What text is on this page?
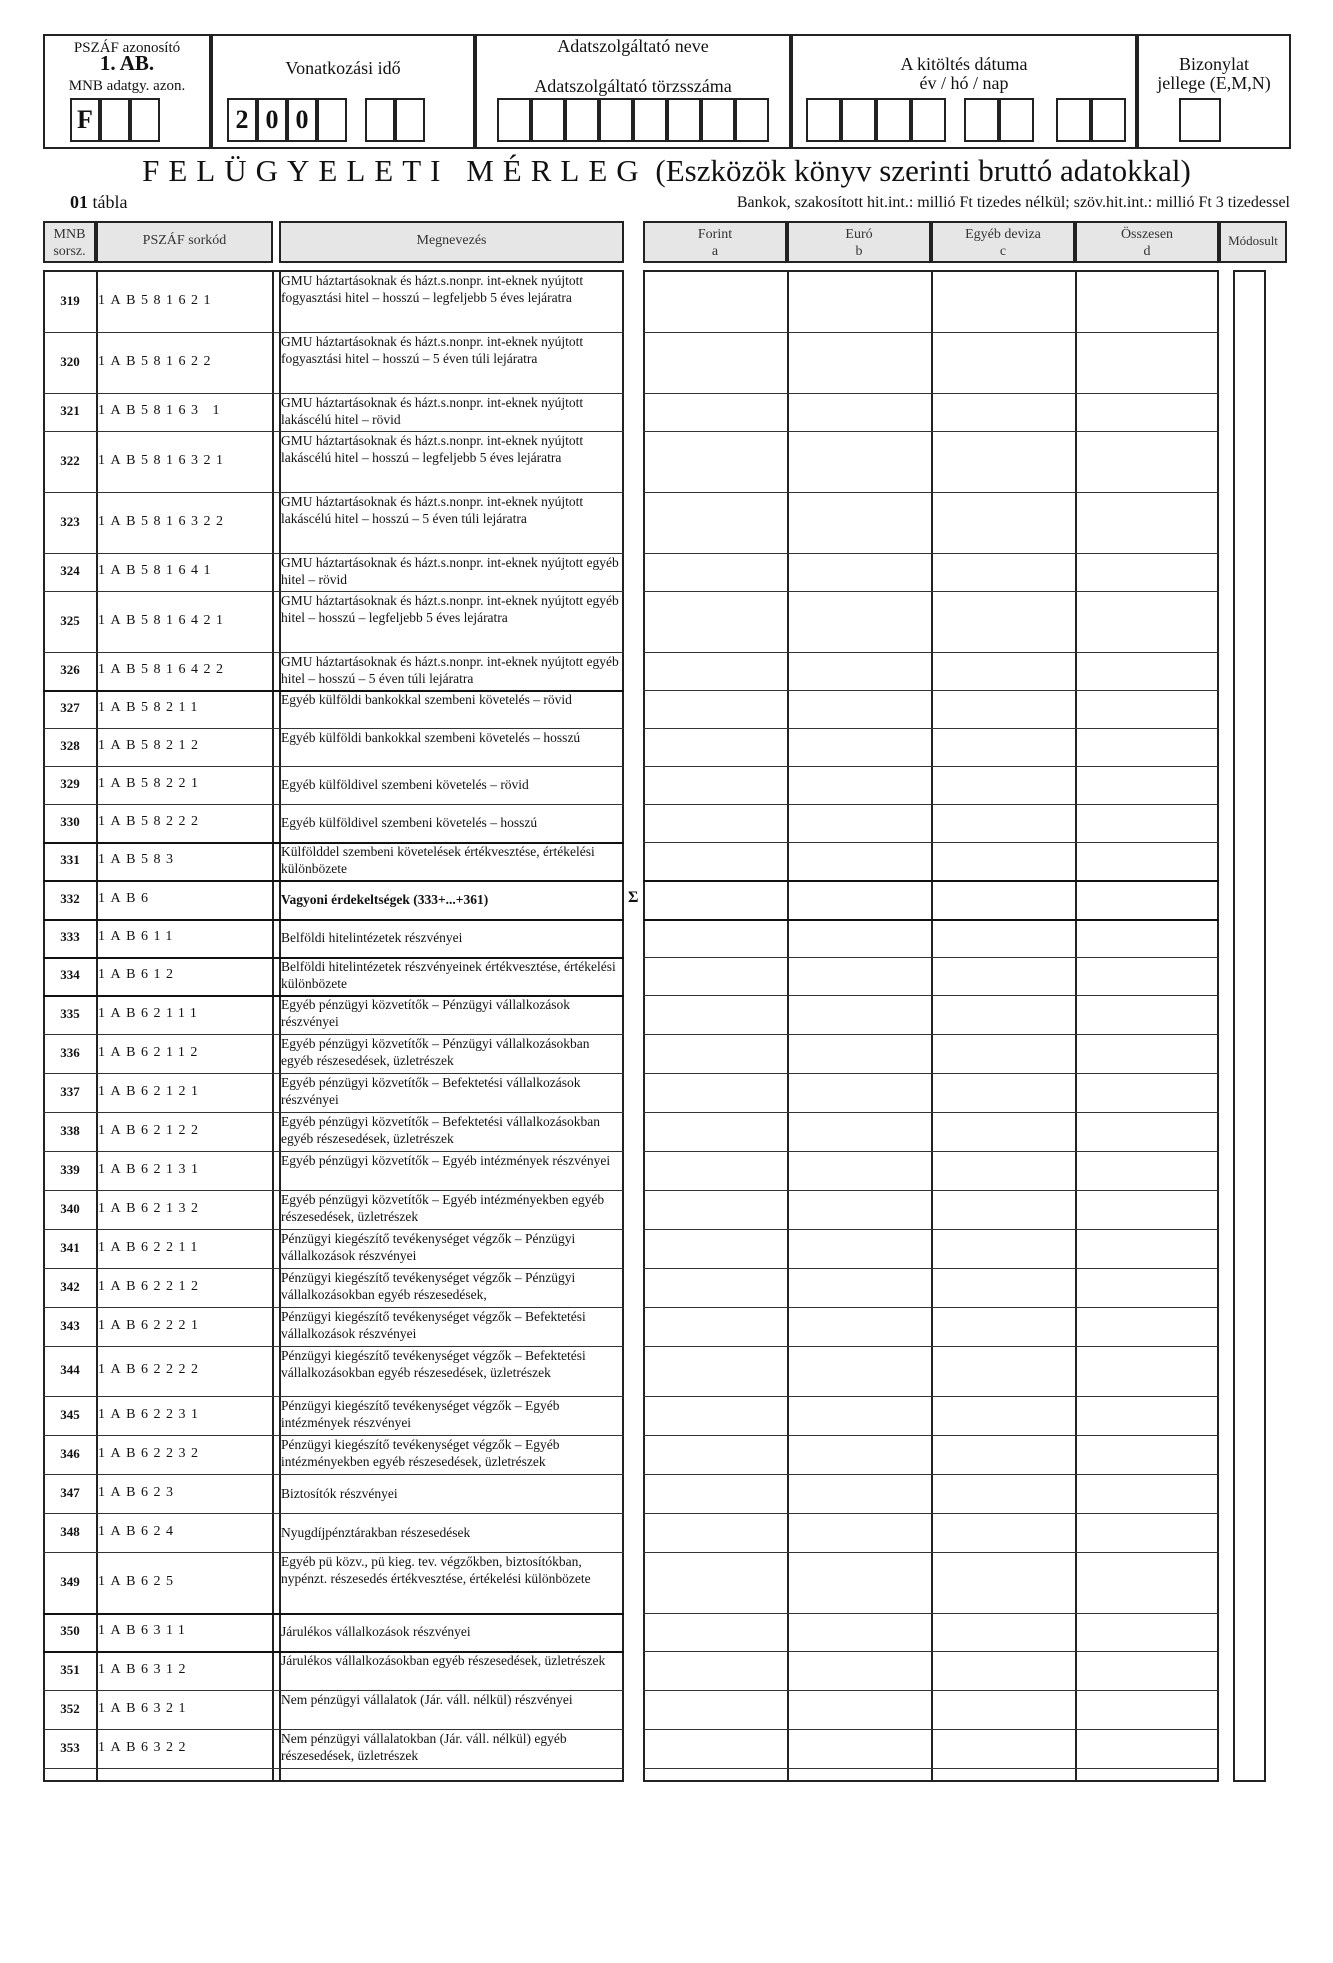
PSZÁF azonosító
1. AB.
MNB adatgy. azon.
F
Vonatkozási idő
2 0 0
Adatszolgáltató neve
Adatszolgáltató törzsszáma
A kitöltés dátuma
év / hó / nap
Bizonylat
jellege (E,M,N)
FELÜGYELETI MÉRLEG (Eszközök könyv szerinti bruttó adatokkal)
01 tábla	Bankok, szakosított hit.int.: millió Ft tizedes nélkül; szöv.hit.int.: millió Ft 3 tizedessel
MNB sorsz.
PSZÁF sorkód	Megnevezés	Forint
a
Euró
b
Egyéb deviza
c
Összesen
d
Módosult
319	1AB581621
GMU háztartásoknak és házt.s.nonpr. int-eknek nyújtott fogyasztási hitel – hosszú – legfeljebb 5 éves lejáratra
320	1AB581622
GMU háztartásoknak és házt.s.nonpr. int-eknek nyújtott fogyasztási hitel – hosszú – 5 éven túli lejáratra
321	1AB58163 1
GMU háztartásoknak és házt.s.nonpr. int-eknek nyújtott lakáscélú hitel – rövid
322	1AB5816321
GMU háztartásoknak és házt.s.nonpr. int-eknek nyújtott lakáscélú hitel – hosszú – legfeljebb 5 éves lejáratra
323	1AB5816322
GMU háztartásoknak és házt.s.nonpr. int-eknek nyújtott lakáscélú hitel – hosszú – 5 éven túli lejáratra
324	1AB581641
GMU háztartásoknak és házt.s.nonpr. int-eknek nyújtott egyéb hitel – rövid
325	1AB5816421
GMU háztartásoknak és házt.s.nonpr. int-eknek nyújtott egyéb hitel – hosszú – legfeljebb 5 éves lejáratra
326	1AB5816422
GMU háztartásoknak és házt.s.nonpr. int-eknek nyújtott egyéb hitel – hosszú – 5 éven túli lejáratra
327	1AB58211
Egyéb külföldi bankokkal szembeni követelés – rövid
328	1AB58212
Egyéb külföldi bankokkal szembeni követelés – hosszú
329	1AB58221	Egyéb külföldivel szembeni követelés – rövid
330	1AB58222	Egyéb külföldivel szembeni követelés – hosszú
331	1AB583
Külfölddel szembeni követelések értékvesztése, értékelési különbözete
332	1AB6	Vagyoni érdekeltségek (333+...+361)	Σ
333	1AB611	Belföldi hitelintézetek részvényei
334	1AB612
Belföldi hitelintézetek részvényeinek értékvesztése, értékelési különbözete
335	1AB62111
Egyéb pénzügyi közvetítők – Pénzügyi vállalkozások részvényei
336	1AB62112
Egyéb pénzügyi közvetítők – Pénzügyi vállalkozásokban egyéb részesedések, üzletrészek
337	1AB62121
Egyéb pénzügyi közvetítők – Befektetési vállalkozások részvényei
338	1AB62122
Egyéb pénzügyi közvetítők – Befektetési vállalkozásokban egyéb részesedések, üzletrészek
339	1AB62131
Egyéb pénzügyi közvetítők – Egyéb intézmények részvényei
340	1AB62132
Egyéb pénzügyi közvetítők – Egyéb intézményekben egyéb részesedések, üzletrészek
341	1AB62211
Pénzügyi kiegészítő tevékenységet végzők – Pénzügyi vállalkozások részvényei
342	1AB62212
Pénzügyi kiegészítő tevékenységet végzők – Pénzügyi vállalkozásokban egyéb részesedések,
343	1AB62221
Pénzügyi kiegészítő tevékenységet végzők – Befektetési vállalkozások részvényei
344	1AB62222
Pénzügyi kiegészítő tevékenységet végzők – Befektetési vállalkozásokban egyéb részesedések, üzletrészek
345	1AB62231
Pénzügyi kiegészítő tevékenységet végzők – Egyéb intézmények részvényei
346	1AB62232
Pénzügyi kiegészítő tevékenységet végzők – Egyéb intézményekben egyéb részesedések, üzletrészek
347	1AB623	Biztosítók részvényei
348	1AB624	Nyugdíjpénztárakban részesedések
349	1AB625
Egyéb pü közv., pü kieg. tev. végzőkben, biztosítókban, nypénzt. részesedés értékvesztése, értékelési különbözete
350	1AB6311	Járulékos vállalkozások részvényei
351	1AB6312
Járulékos vállalkozásokban egyéb részesedések, üzletrészek
352	1AB6321
Nem pénzügyi vállalatok (Jár. váll. nélkül) részvényei
353	1AB6322
Nem pénzügyi vállalatokban (Jár. váll. nélkül) egyéb részesedések, üzletrészek
